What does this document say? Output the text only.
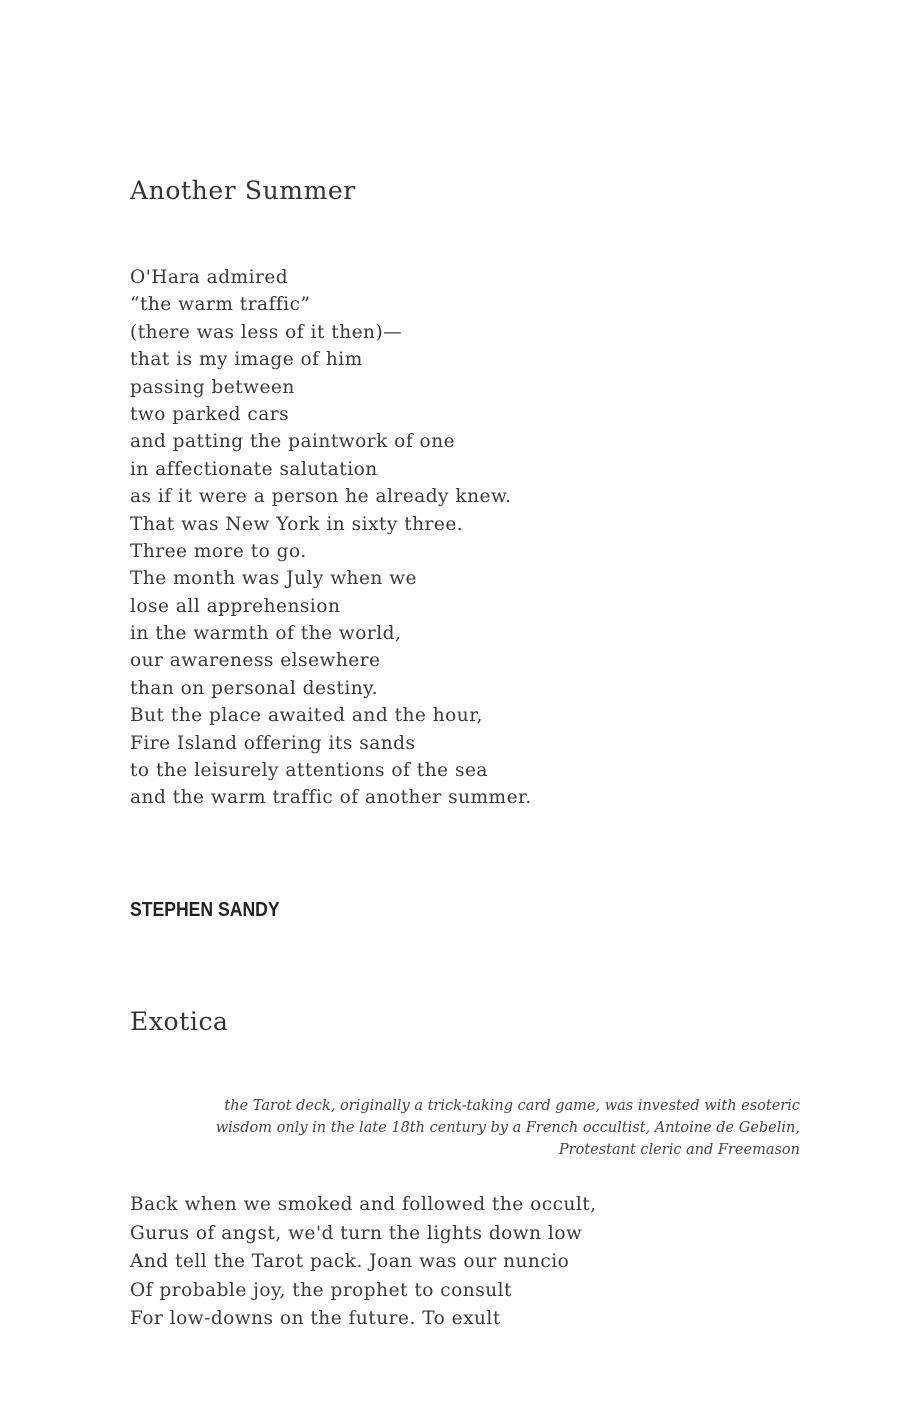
Another Summer
O'Hara admired
“the warm traffic”
(there was less of it then)—
that is my image of him
passing between
two parked cars
and patting the paintwork of one
in affectionate salutation
as if it were a person he already knew.
That was New York in sixty three.
Three more to go.
The month was July when we
lose all apprehension
in the warmth of the world,
our awareness elsewhere
than on personal destiny.
But the place awaited and the hour,
Fire Island offering its sands
to the leisurely attentions of the sea
and the warm traffic of another summer.
STEPHEN SANDY
Exotica
the Tarot deck, originally a trick-taking card game, was invested with esoteric
wisdom only in the late 18th century by a French occultist, Antoine de Gebelin,
Protestant cleric and Freemason
Back when we smoked and followed the occult,
Gurus of angst, we'd turn the lights down low
And tell the Tarot pack. Joan was our nuncio
Of probable joy, the prophet to consult
For low-downs on the future. To exult
